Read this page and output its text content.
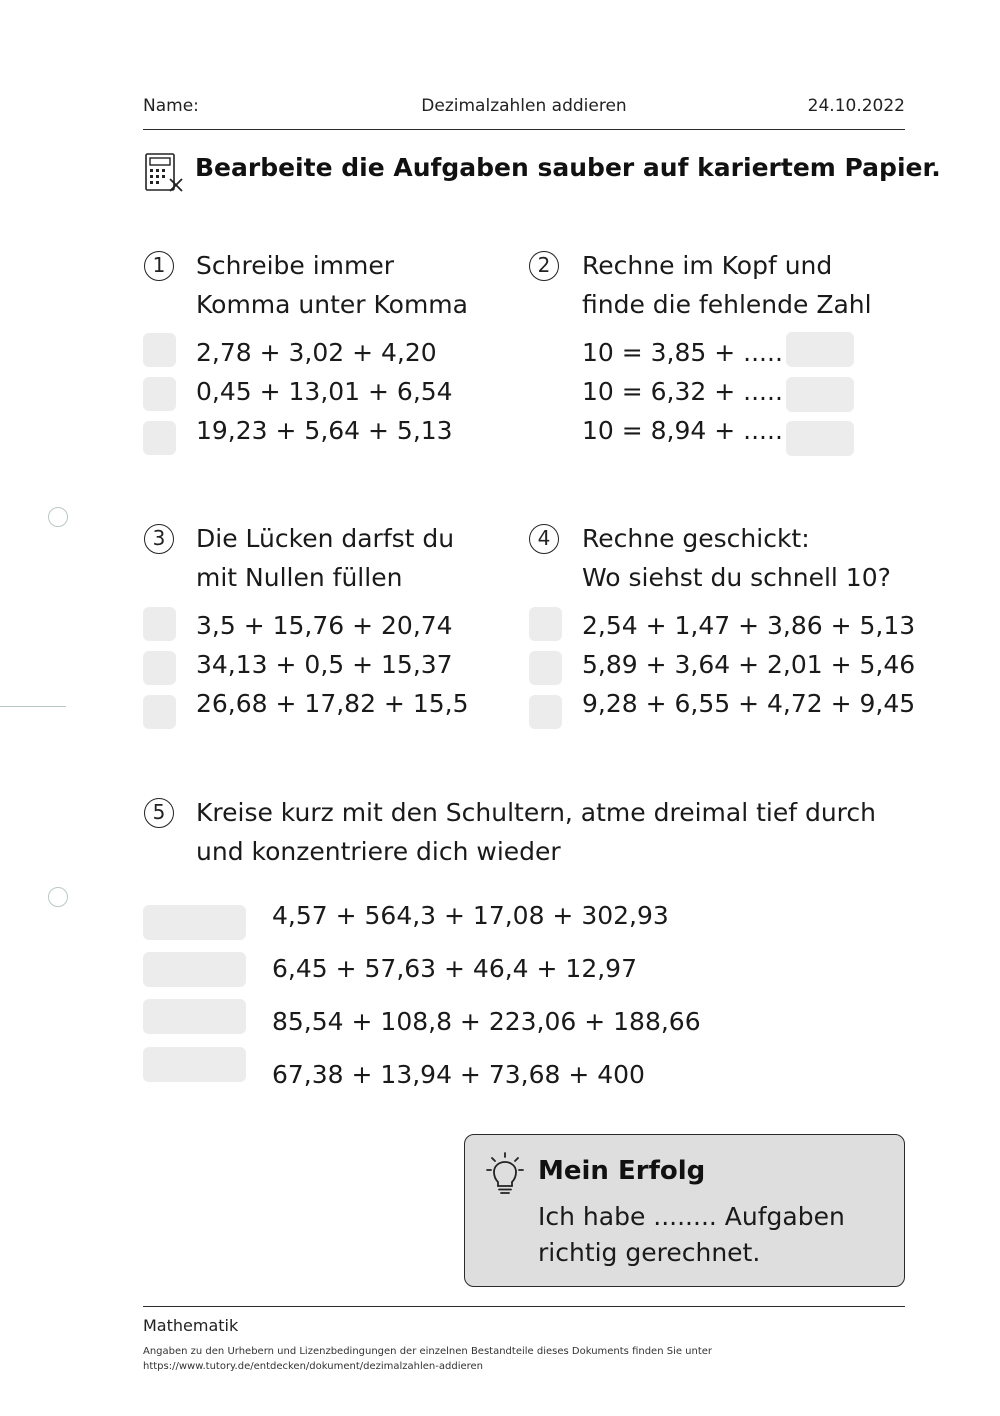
Name:	Dezimalzahlen addieren	24.10.2022
Bearbeite die Aufgaben sauber auf kariertem Papier.
1	Schreibe immer
Komma unter Komma
2,78 + 3,02 + 4,20
0,45 + 13,01 + 6,54
19,23 + 5,64 + 5,13
2	Rechne im Kopf und
finde die fehlende Zahl
10 = 3,85 + .....
10 = 6,32 + .....
10 = 8,94 + .....
3	Die Lücken darfst du
mit Nullen füllen
3,5 + 15,76 + 20,74
34,13 + 0,5 + 15,37
26,68 + 17,82 + 15,5
4	Rechne geschickt:
Wo siehst du schnell 10?
2,54 + 1,47 + 3,86 + 5,13
5,89 + 3,64 + 2,01 + 5,46
9,28 + 6,55 + 4,72 + 9,45
5	Kreise kurz mit den Schultern, atme dreimal tief durch
und konzentriere dich wieder
4,57 + 564,3 + 17,08 + 302,93
6,45 + 57,63 + 46,4 + 12,97
85,54 + 108,8 + 223,06 + 188,66
67,38 + 13,94 + 73,68 + 400
Mein Erfolg
Ich habe ........ Aufgaben
richtig gerechnet.
Mathematik
Angaben zu den Urhebern und Lizenzbedingungen der einzelnen Bestandteile dieses Dokuments finden Sie unter
https://www.tutory.de/entdecken/dokument/dezimalzahlen-addieren
